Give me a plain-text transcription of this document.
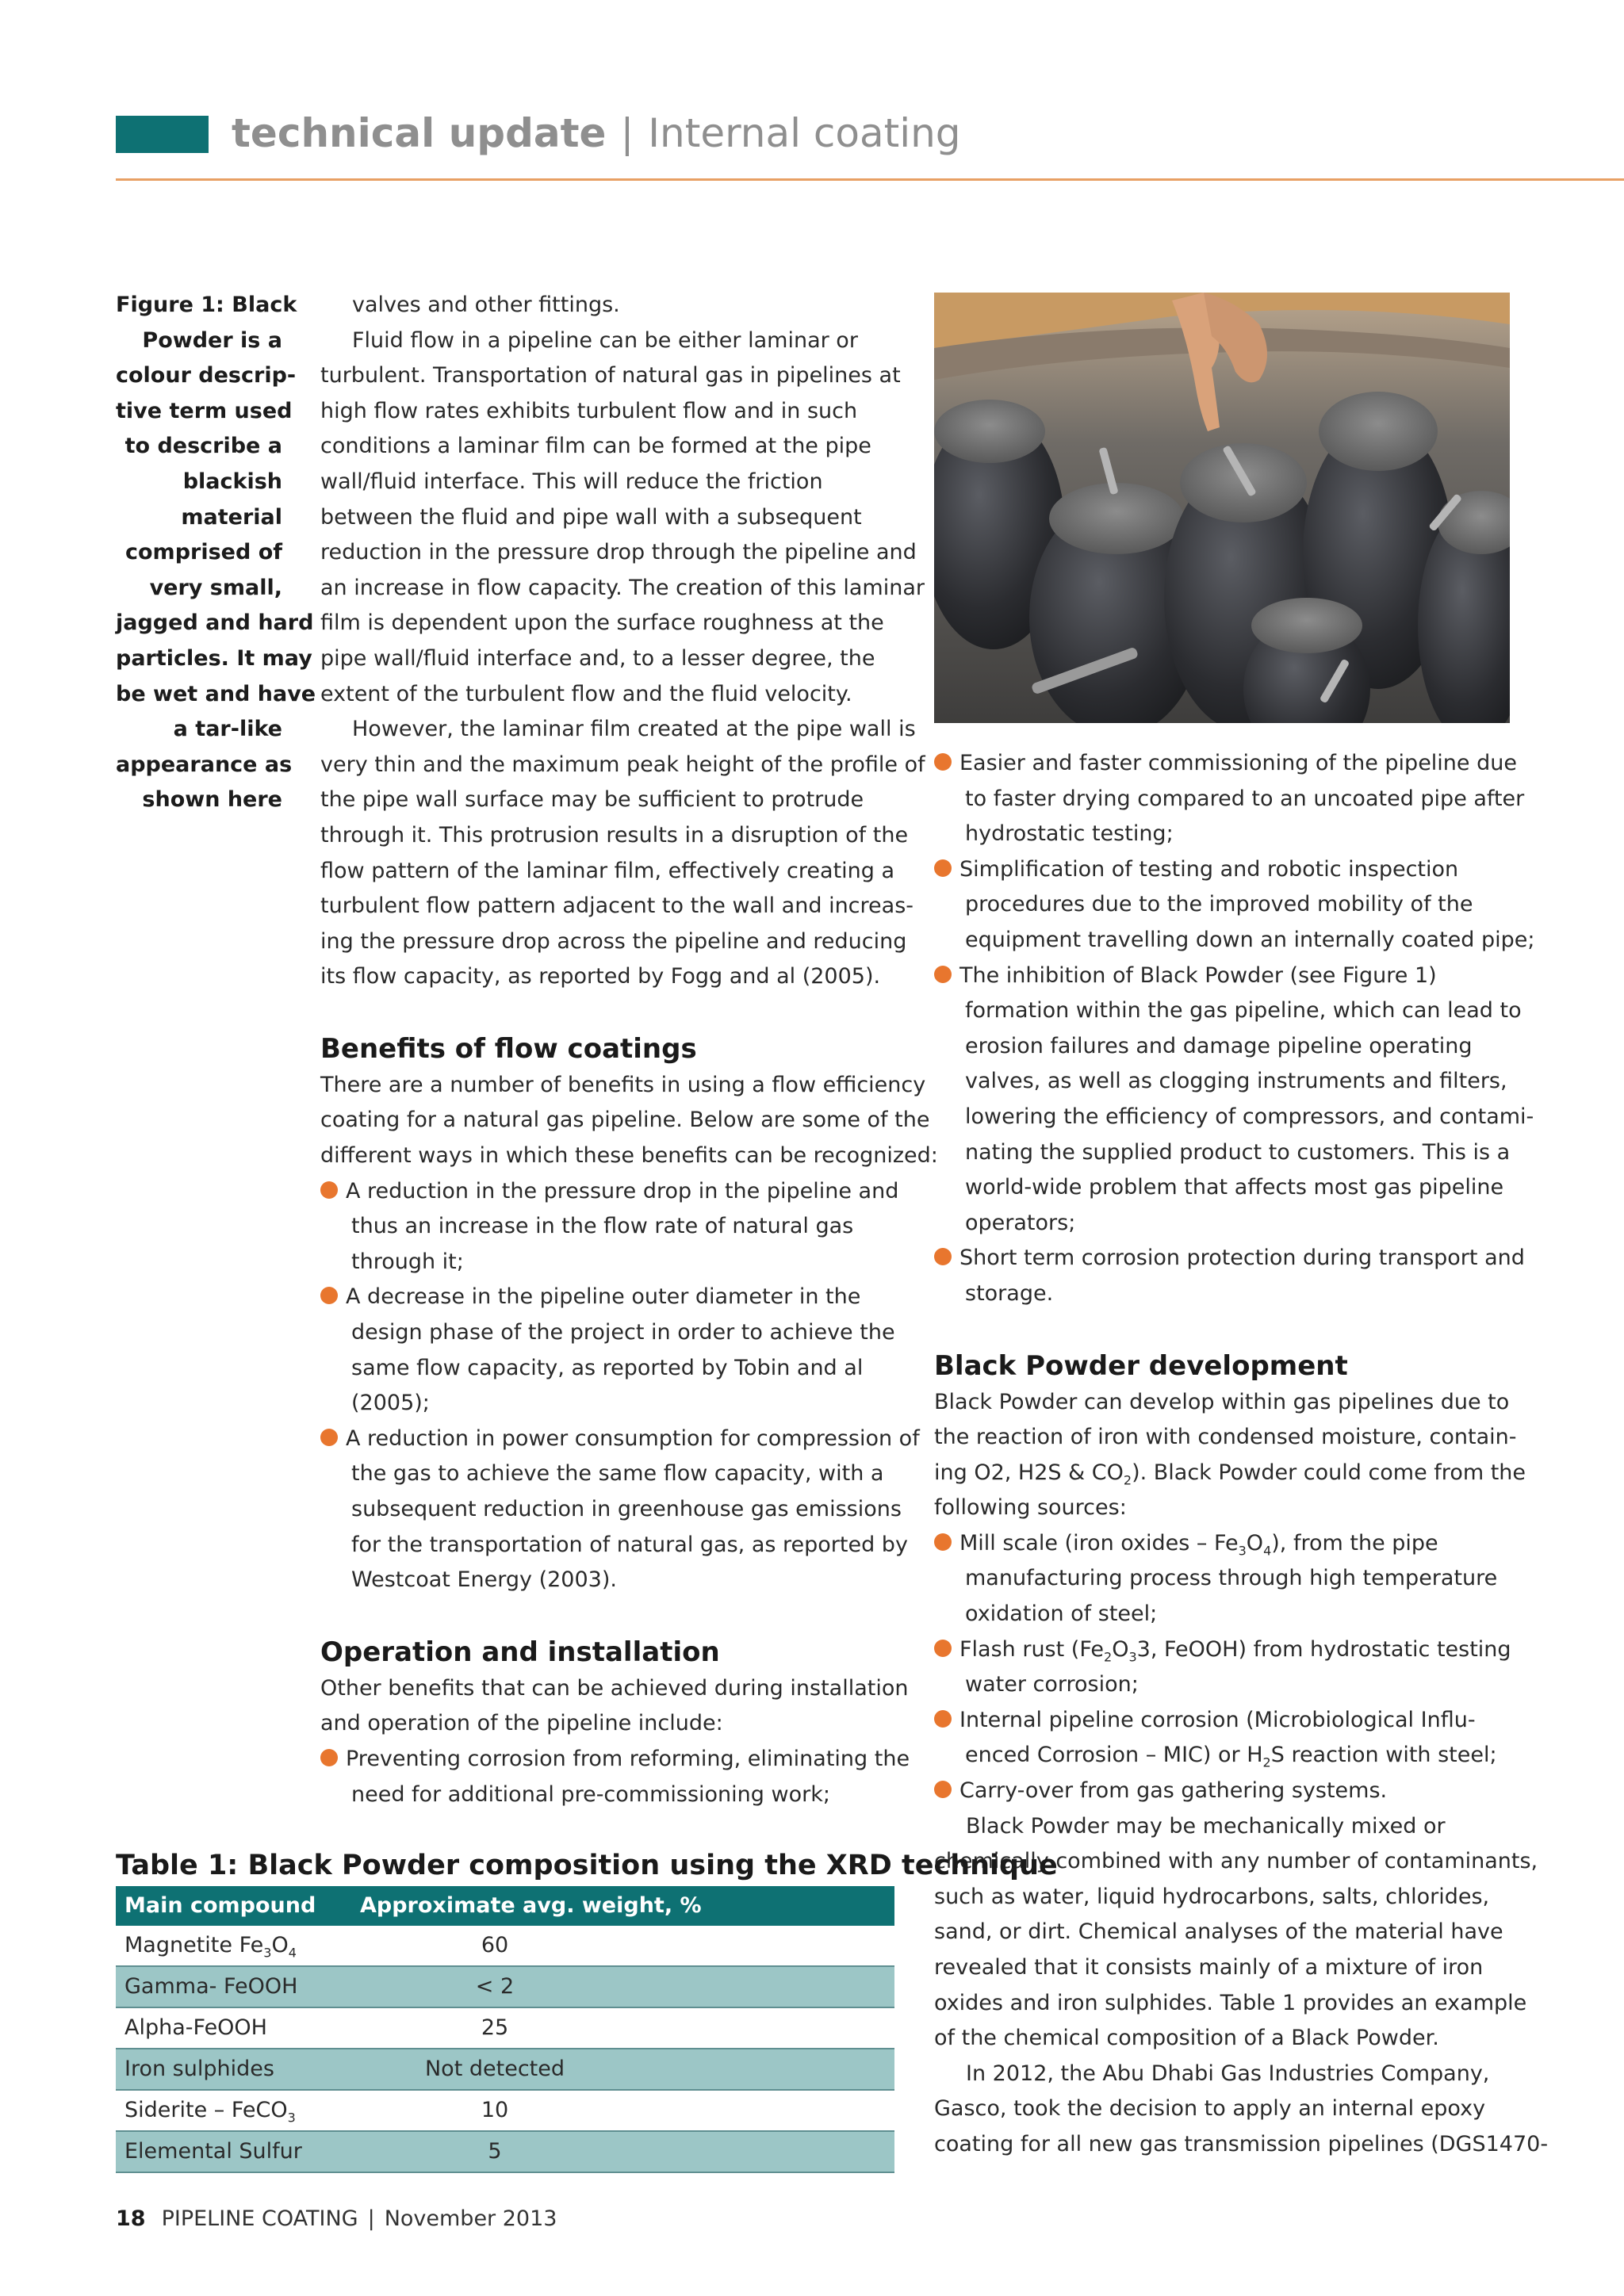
technical update | Internal coating
Figure 1: Black
Powder is a
colour descrip-
tive term used
to describe a
blackish
material
comprised of
very small,
jagged and hard
particles. It may
be wet and have
a tar-like
appearance as
shown here

valves and other fittings.

Fluid flow in a pipeline can be either laminar or

turbulent. Transportation of natural gas in pipelines at

high flow rates exhibits turbulent flow and in such

conditions a laminar film can be formed at the pipe

wall/fluid interface. This will reduce the friction

between the fluid and pipe wall with a subsequent

reduction in the pressure drop through the pipeline and

an increase in flow capacity. The creation of this laminar

film is dependent upon the surface roughness at the

pipe wall/fluid interface and, to a lesser degree, the

extent of the turbulent flow and the fluid velocity.

However, the laminar film created at the pipe wall is

very thin and the maximum peak height of the profile of

the pipe wall surface may be sufficient to protrude

through it. This protrusion results in a disruption of the

flow pattern of the laminar film, effectively creating a

turbulent flow pattern adjacent to the wall and increas-

ing the pressure drop across the pipeline and reducing

its flow capacity, as reported by Fogg and al (2005).

Benefits of flow coatings

There are a number of benefits in using a flow efficiency

coating for a natural gas pipeline. Below are some of the

different ways in which these benefits can be recognized:

A reduction in the pressure drop in the pipeline and
thus an increase in the flow rate of natural gas
through it;
A decrease in the pipeline outer diameter in the
design phase of the project in order to achieve the
same flow capacity, as reported by Tobin and al
(2005);
A reduction in power consumption for compression of
the gas to achieve the same flow capacity, with a
subsequent reduction in greenhouse gas emissions
for the transportation of natural gas, as reported by
Westcoat Energy (2003).
Operation and installation

Other benefits that can be achieved during installation

and operation of the pipeline include:

Preventing corrosion from reforming, eliminating the
need for additional pre-commissioning work;
Easier and faster commissioning of the pipeline due
to faster drying compared to an uncoated pipe after
hydrostatic testing;
Simplification of testing and robotic inspection
procedures due to the improved mobility of the
equipment travelling down an internally coated pipe;
The inhibition of Black Powder (see Figure 1)
formation within the gas pipeline, which can lead to
erosion failures and damage pipeline operating
valves, as well as clogging instruments and filters,
lowering the efficiency of compressors, and contami-
nating the supplied product to customers. This is a
world-wide problem that affects most gas pipeline
operators;
Short term corrosion protection during transport and
storage.
Black Powder development

Black Powder can develop within gas pipelines due to

the reaction of iron with condensed moisture, contain-

ing O2, H2S & $CO_2$). Black Powder could come from the

following sources:

Mill scale (iron oxides – $Fe_3O_4$), from the pipe
manufacturing process through high temperature
oxidation of steel;
Flash rust ($Fe_2O_33$, FeOOH) from hydrostatic testing
water corrosion;
Internal pipeline corrosion (Microbiological Influ-
enced Corrosion – MIC) or $H_2S$ reaction with steel;
Carry-over from gas gathering systems.

Black Powder may be mechanically mixed or

chemically combined with any number of contaminants,

such as water, liquid hydrocarbons, salts, chlorides,

sand, or dirt. Chemical analyses of the material have

revealed that it consists mainly of a mixture of iron

oxides and iron sulphides. Table 1 provides an example

of the chemical composition of a Black Powder.

In 2012, the Abu Dhabi Gas Industries Company,

Gasco, took the decision to apply an internal epoxy

coating for all new gas transmission pipelines (DGS1470-

Table 1: Black Powder composition using the XRD technique
Main compound Approximate avg. weight, %
Magnetite $Fe_3O_4$	60
Gamma- FeOOH	< 2
Alpha-FeOOH	25
Iron sulphides	Not detected
Siderite – FeCO$_3$	10
Elemental Sulfur	5
18 PIPELINE COATING | November 2013
